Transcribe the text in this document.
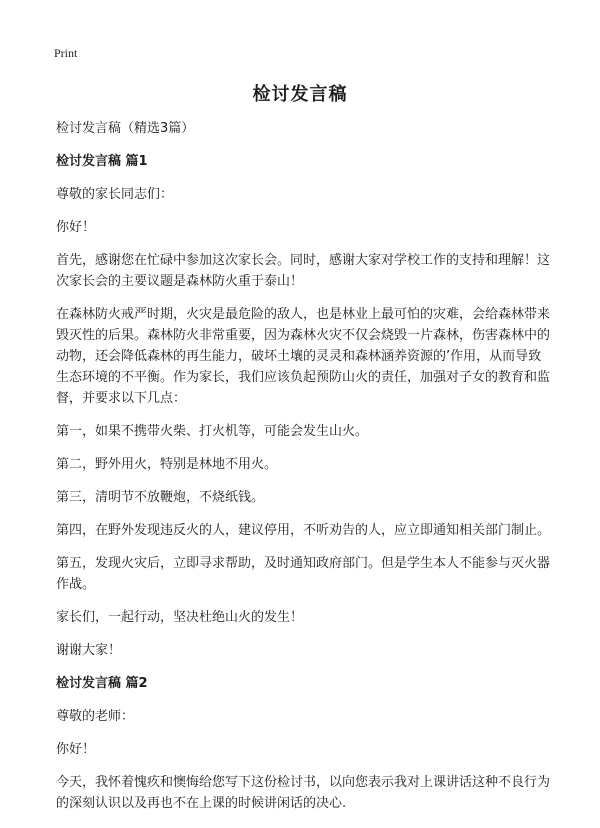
Print
检讨发言稿

检讨发言稿（精选3篇）

检讨发言稿 篇1

尊敬的家长同志们：

你好！

首先，感谢您在忙碌中参加这次家长会。同时，感谢大家对学校工作的支持和理解！这次家长会的主要议题是森林防火重于泰山！

在森林防火戒严时期，火灾是最危险的敌人，也是林业上最可怕的灾难，会给森林带来毁灭性的后果。森林防火非常重要，因为森林火灾不仅会烧毁一片森林，伤害森林中的动物，还会降低森林的再生能力，破坏土壤的灵灵和森林涵养资源的’作用，从而导致生态环境的不平衡。作为家长，我们应该负起预防山火的责任，加强对子女的教育和监督，并要求以下几点：

第一，如果不携带火柴、打火机等，可能会发生山火。

第二，野外用火，特别是林地不用火。

第三，清明节不放鞭炮，不烧纸钱。

第四，在野外发现违反火的人，建议停用，不听劝告的人，应立即通知相关部门制止。

第五，发现火灾后，立即寻求帮助，及时通知政府部门。但是学生本人不能参与灭火器作战。

家长们，一起行动，坚决杜绝山火的发生！

谢谢大家！

检讨发言稿 篇2

尊敬的老师：

你好！

今天，我怀着愧疚和懊悔给您写下这份检讨书，以向您表示我对上课讲话这种不良行为的深刻认识以及再也不在上课的时候讲闲话的决心.
